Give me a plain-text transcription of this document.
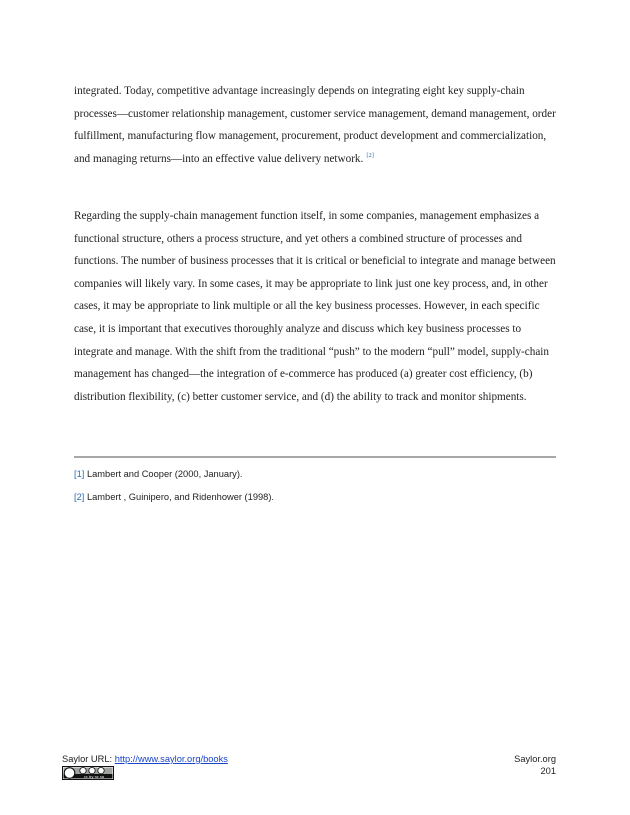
integrated. Today, competitive advantage increasingly depends on integrating eight key supply-chain processes—customer relationship management, customer service management, demand management, order fulfillment, manufacturing flow management, procurement, product development and commercialization, and managing returns—into an effective value delivery network. [2]

Regarding the supply-chain management function itself, in some companies, management emphasizes a functional structure, others a process structure, and yet others a combined structure of processes and functions. The number of business processes that it is critical or beneficial to integrate and manage between companies will likely vary. In some cases, it may be appropriate to link just one key process, and, in other cases, it may be appropriate to link multiple or all the key business processes. However, in each specific case, it is important that executives thoroughly analyze and discuss which key business processes to integrate and manage. With the shift from the traditional “push” to the modern “pull” model, supply-chain management has changed—the integration of e-commerce has produced (a) greater cost efficiency, (b) distribution flexibility, (c) better customer service, and (d) the ability to track and monitor shipments.

[1] Lambert and Cooper (2000, January).

[2] Lambert , Guinipero, and Ridenhower (1998).

Saylor URL: http://www.saylor.org/books
cc by nc sa
Saylor.org
201
